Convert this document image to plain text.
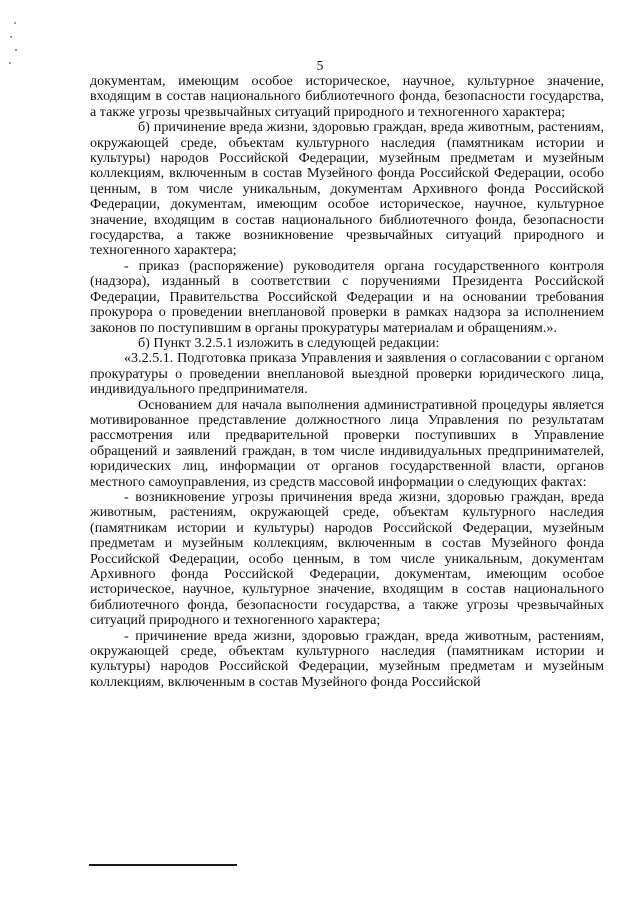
5

документам, имеющим особое историческое, научное, культурное значение, входящим в состав национального библиотечного фонда, безопасности государства, а также угрозы чрезвычайных ситуаций природного и техногенного характера;

б) причинение вреда жизни, здоровью граждан, вреда животным, растениям, окружающей среде, объектам культурного наследия (памятникам истории и культуры) народов Российской Федерации, музейным предметам и музейным коллекциям, включенным в состав Музейного фонда Российской Федерации, особо ценным, в том числе уникальным, документам Архивного фонда Российской Федерации, документам, имеющим особое историческое, научное, культурное значение, входящим в состав национального библиотечного фонда, безопасности государства, а также возникновение чрезвычайных ситуаций природного и техногенного характера;

- приказ (распоряжение) руководителя органа государственного контроля (надзора), изданный в соответствии с поручениями Президента Российской Федерации, Правительства Российской Федерации и на основании требования прокурора о проведении внеплановой проверки в рамках надзора за исполнением законов по поступившим в органы прокуратуры материалам и обращениям.».

б) Пункт 3.2.5.1 изложить в следующей редакции:

«3.2.5.1. Подготовка приказа Управления и заявления о согласовании с органом прокуратуры о проведении внеплановой выездной проверки юридического лица, индивидуального предпринимателя.

Основанием для начала выполнения административной процедуры является мотивированное представление должностного лица Управления по результатам рассмотрения или предварительной проверки поступивших в Управление обращений и заявлений граждан, в том числе индивидуальных предпринимателей, юридических лиц, информации от органов государственной власти, органов местного самоуправления, из средств массовой информации о следующих фактах:

- возникновение угрозы причинения вреда жизни, здоровью граждан, вреда животным, растениям, окружающей среде, объектам культурного наследия (памятникам истории и культуры) народов Российской Федерации, музейным предметам и музейным коллекциям, включенным в состав Музейного фонда Российской Федерации, особо ценным, в том числе уникальным, документам Архивного фонда Российской Федерации, документам, имеющим особое историческое, научное, культурное значение, входящим в состав национального библиотечного фонда, безопасности государства, а также угрозы чрезвычайных ситуаций природного и техногенного характера;

- причинение вреда жизни, здоровью граждан, вреда животным, растениям, окружающей среде, объектам культурного наследия (памятникам истории и культуры) народов Российской Федерации, музейным предметам и музейным коллекциям, включенным в состав Музейного фонда Российской
